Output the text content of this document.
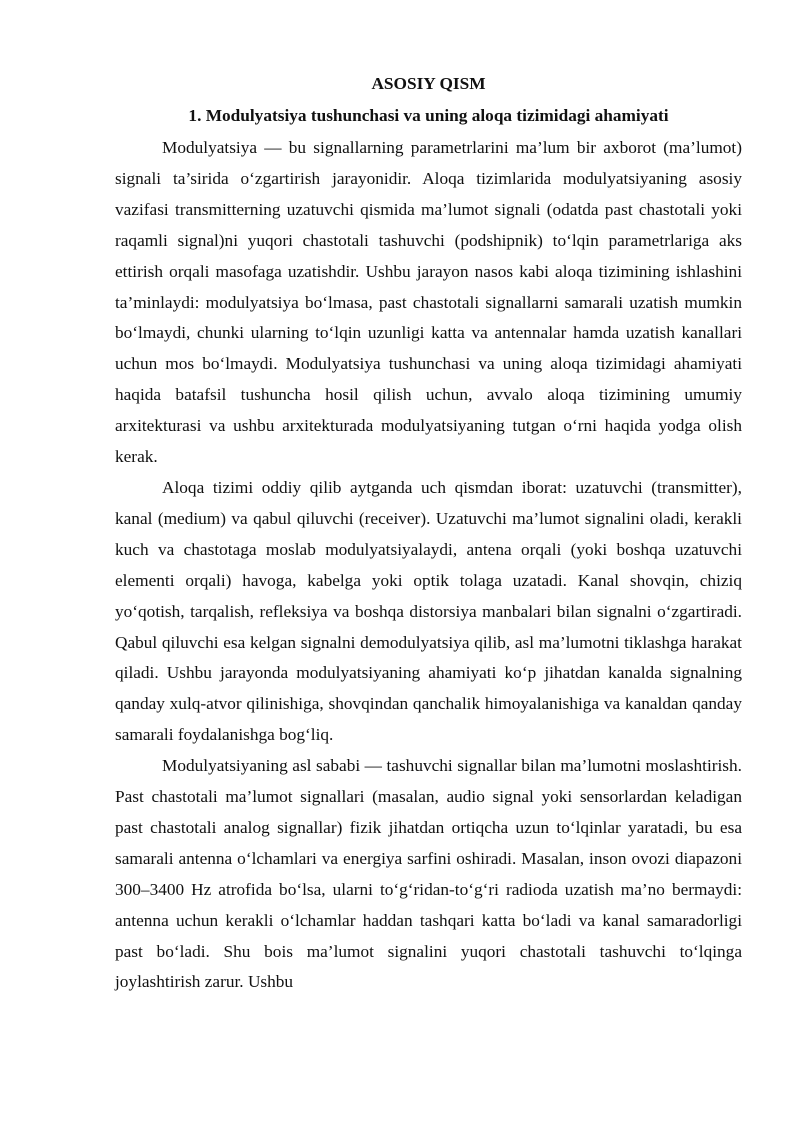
ASOSIY QISM
1. Modulyatsiya tushunchasi va uning aloqa tizimidagi ahamiyati

Modulyatsiya — bu signallarning parametrlarini ma’lum bir axborot (ma’lumot) signali ta’sirida o‘zgartirish jarayonidir. Aloqa tizimlarida modulyatsiyaning asosiy vazifasi transmitterning uzatuvchi qismida ma’lumot signali (odatda past chastotali yoki raqamli signal)ni yuqori chastotali tashuvchi (podshipnik) to‘lqin parametrlariga aks ettirish orqali masofaga uzatishdir. Ushbu jarayon nasos kabi aloqa tizimining ishlashini ta’minlaydi: modulyatsiya bo‘lmasa, past chastotali signallarni samarali uzatish mumkin bo‘lmaydi, chunki ularning to‘lqin uzunligi katta va antennalar hamda uzatish kanallari uchun mos bo‘lmaydi. Modulyatsiya tushunchasi va uning aloqa tizimidagi ahamiyati haqida batafsil tushuncha hosil qilish uchun, avvalo aloqa tizimining umumiy arxitekturasi va ushbu arxitekturada modulyatsiyaning tutgan o‘rni haqida yodga olish kerak.

Aloqa tizimi oddiy qilib aytganda uch qismdan iborat: uzatuvchi (transmitter), kanal (medium) va qabul qiluvchi (receiver). Uzatuvchi ma’lumot signalini oladi, kerakli kuch va chastotaga moslab modulyatsiyalaydi, antena orqali (yoki boshqa uzatuvchi elementi orqali) havoga, kabelga yoki optik tolaga uzatadi. Kanal shovqin, chiziq yo‘qotish, tarqalish, refleksiya va boshqa distorsiya manbalari bilan signalni o‘zgartiradi. Qabul qiluvchi esa kelgan signalni demodulyatsiya qilib, asl ma’lumotni tiklashga harakat qiladi. Ushbu jarayonda modulyatsiyaning ahamiyati ko‘p jihatdan kanalda signalning qanday xulq-atvor qilinishiga, shovqindan qanchalik himoyalanishiga va kanaldan qanday samarali foydalanishga bog‘liq.

Modulyatsiyaning asl sababi — tashuvchi signallar bilan ma’lumotni moslashtirish. Past chastotali ma’lumot signallari (masalan, audio signal yoki sensorlardan keladigan past chastotali analog signallar) fizik jihatdan ortiqcha uzun to‘lqinlar yaratadi, bu esa samarali antenna o‘lchamlari va energiya sarfini oshiradi. Masalan, inson ovozi diapazoni 300–3400 Hz atrofida bo‘lsa, ularni to‘g‘ridan-to‘g‘ri radioda uzatish ma’no bermaydi: antenna uchun kerakli o‘lchamlar haddan tashqari katta bo‘ladi va kanal samaradorligi past bo‘ladi. Shu bois ma’lumot signalini yuqori chastotali tashuvchi to‘lqinga joylashtirish zarur. Ushbu
